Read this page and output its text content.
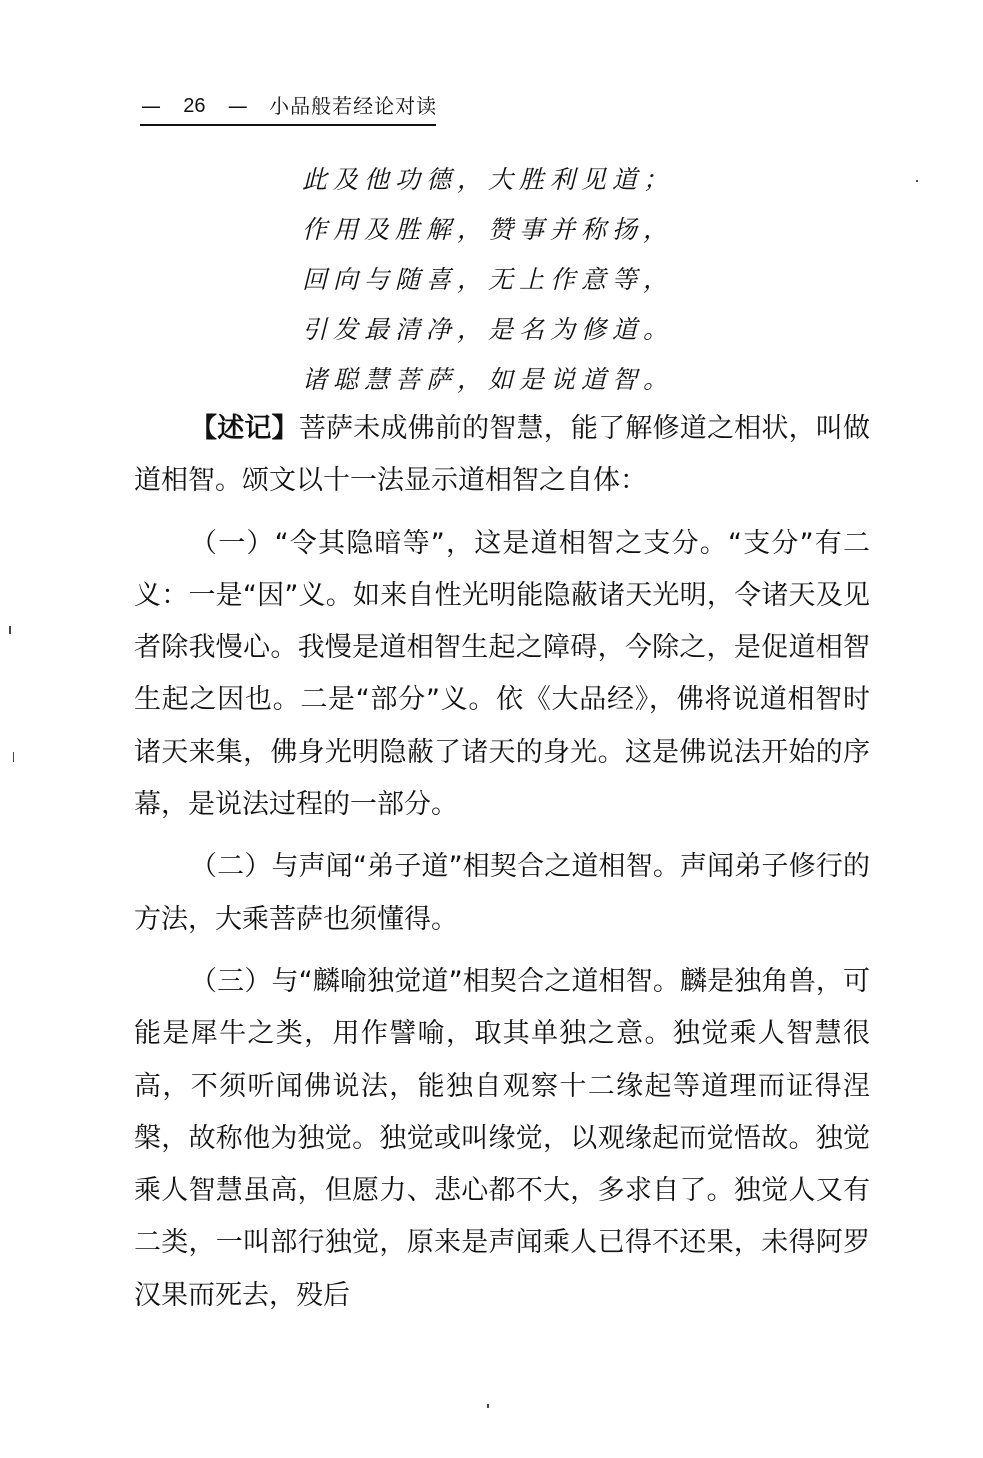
— 26 — 小品般若经论对读
此及他功德，大胜利见道；
作用及胜解，赞事并称扬，
回向与随喜，无上作意等，
引发最清净，是名为修道。
诸聪慧菩萨，如是说道智。

【述记】菩萨未成佛前的智慧，能了解修道之相状，叫做道相智。颂文以十一法显示道相智之自体：

（一）“令其隐暗等”，这是道相智之支分。“支分”有二义：一是“因”义。如来自性光明能隐蔽诸天光明，令诸天及见者除我慢心。我慢是道相智生起之障碍，今除之，是促道相智生起之因也。二是“部分”义。依《大品经》，佛将说道相智时诸天来集，佛身光明隐蔽了诸天的身光。这是佛说法开始的序幕，是说法过程的一部分。

（二）与声闻“弟子道”相契合之道相智。声闻弟子修行的方法，大乘菩萨也须懂得。

（三）与“麟喻独觉道”相契合之道相智。麟是独角兽，可能是犀牛之类，用作譬喻，取其单独之意。独觉乘人智慧很高，不须听闻佛说法，能独自观察十二缘起等道理而证得涅槃，故称他为独觉。独觉或叫缘觉，以观缘起而觉悟故。独觉乘人智慧虽高，但愿力、悲心都不大，多求自了。独觉人又有二类，一叫部行独觉，原来是声闻乘人已得不还果，未得阿罗汉果而死去，殁后
